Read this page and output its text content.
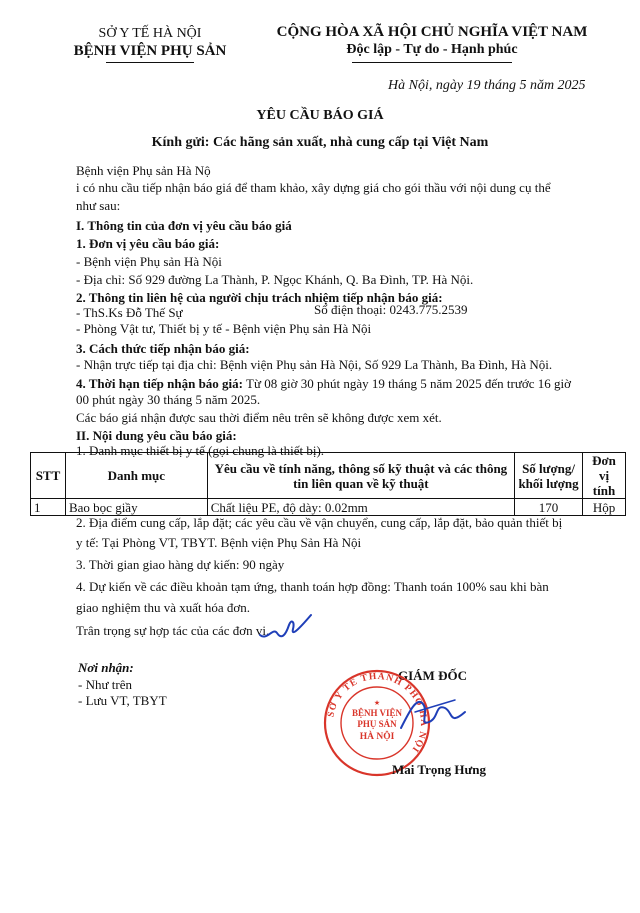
SỞ Y TẾ HÀ NỘI
BỆNH VIỆN PHỤ SẢN
CỘNG HÒA XÃ HỘI CHỦ NGHĨA VIỆT NAM
Độc lập - Tự do - Hạnh phúc
Hà Nội, ngày 19 tháng 5 năm 2025
YÊU CẦU BÁO GIÁ
Kính gửi: Các hãng sản xuất, nhà cung cấp tại Việt Nam
Bệnh viện Phụ sản Hà Nộ
i có nhu cầu tiếp nhận báo giá để tham khảo, xây dựng giá cho gói thầu với nội dung cụ thể
như sau:
I. Thông tin của đơn vị yêu cầu báo giá
1. Đơn vị yêu cầu báo giá:
- Bệnh viện Phụ sản Hà Nội
- Địa chỉ: Số 929 đường La Thành, P. Ngọc Khánh, Q. Ba Đình, TP. Hà Nội.
2. Thông tin liên hệ của người chịu trách nhiệm tiếp nhận báo giá:
- ThS.Ks Đỗ Thế Sự	Số điện thoại: 0243.775.2539
- Phòng Vật tư, Thiết bị y tế - Bệnh viện Phụ sản Hà Nội
3. Cách thức tiếp nhận báo giá:
- Nhận trực tiếp tại địa chỉ: Bệnh viện Phụ sản Hà Nội, Số 929 La Thành, Ba Đình, Hà Nội.
4. Thời hạn tiếp nhận báo giá: Từ 08 giờ 30 phút ngày 19 tháng 5 năm 2025 đến trước 16 giờ
00 phút ngày 30 tháng 5 năm 2025.
Các báo giá nhận được sau thời điểm nêu trên sẽ không được xem xét.
II. Nội dung yêu cầu báo giá:
1. Danh mục thiết bị y tế (gọi chung là thiết bị).
STT	Danh mục	Yêu cầu về tính năng, thông số kỹ thuật và các thông
tin liên quan về kỹ thuật	Số lượng/
khối lượng	Đơn vị
tính
1	Bao bọc giầy	Chất liệu PE, độ dày: 0.02mm	170	Hộp
2. Địa điểm cung cấp, lắp đặt; các yêu cầu về vận chuyển, cung cấp, lắp đặt, bảo quản thiết bị
y tế: Tại Phòng VT, TBYT. Bệnh viện Phụ Sản Hà Nội
3. Thời gian giao hàng dự kiến: 90 ngày
4. Dự kiến về các điều khoản tạm ứng, thanh toán hợp đồng: Thanh toán 100% sau khi bàn
giao nghiệm thu và xuất hóa đơn.
Trân trọng sự hợp tác của các đơn vị.
Nơi nhận:
- Như trên
- Lưu VT, TBYT
GIÁM ĐỐC
SỞ Y TẾ THÀNH PHỐ HÀ NỘI
BỆNH VIỆN
PHỤ SẢN
HÀ NỘI
★
Mai Trọng Hưng
